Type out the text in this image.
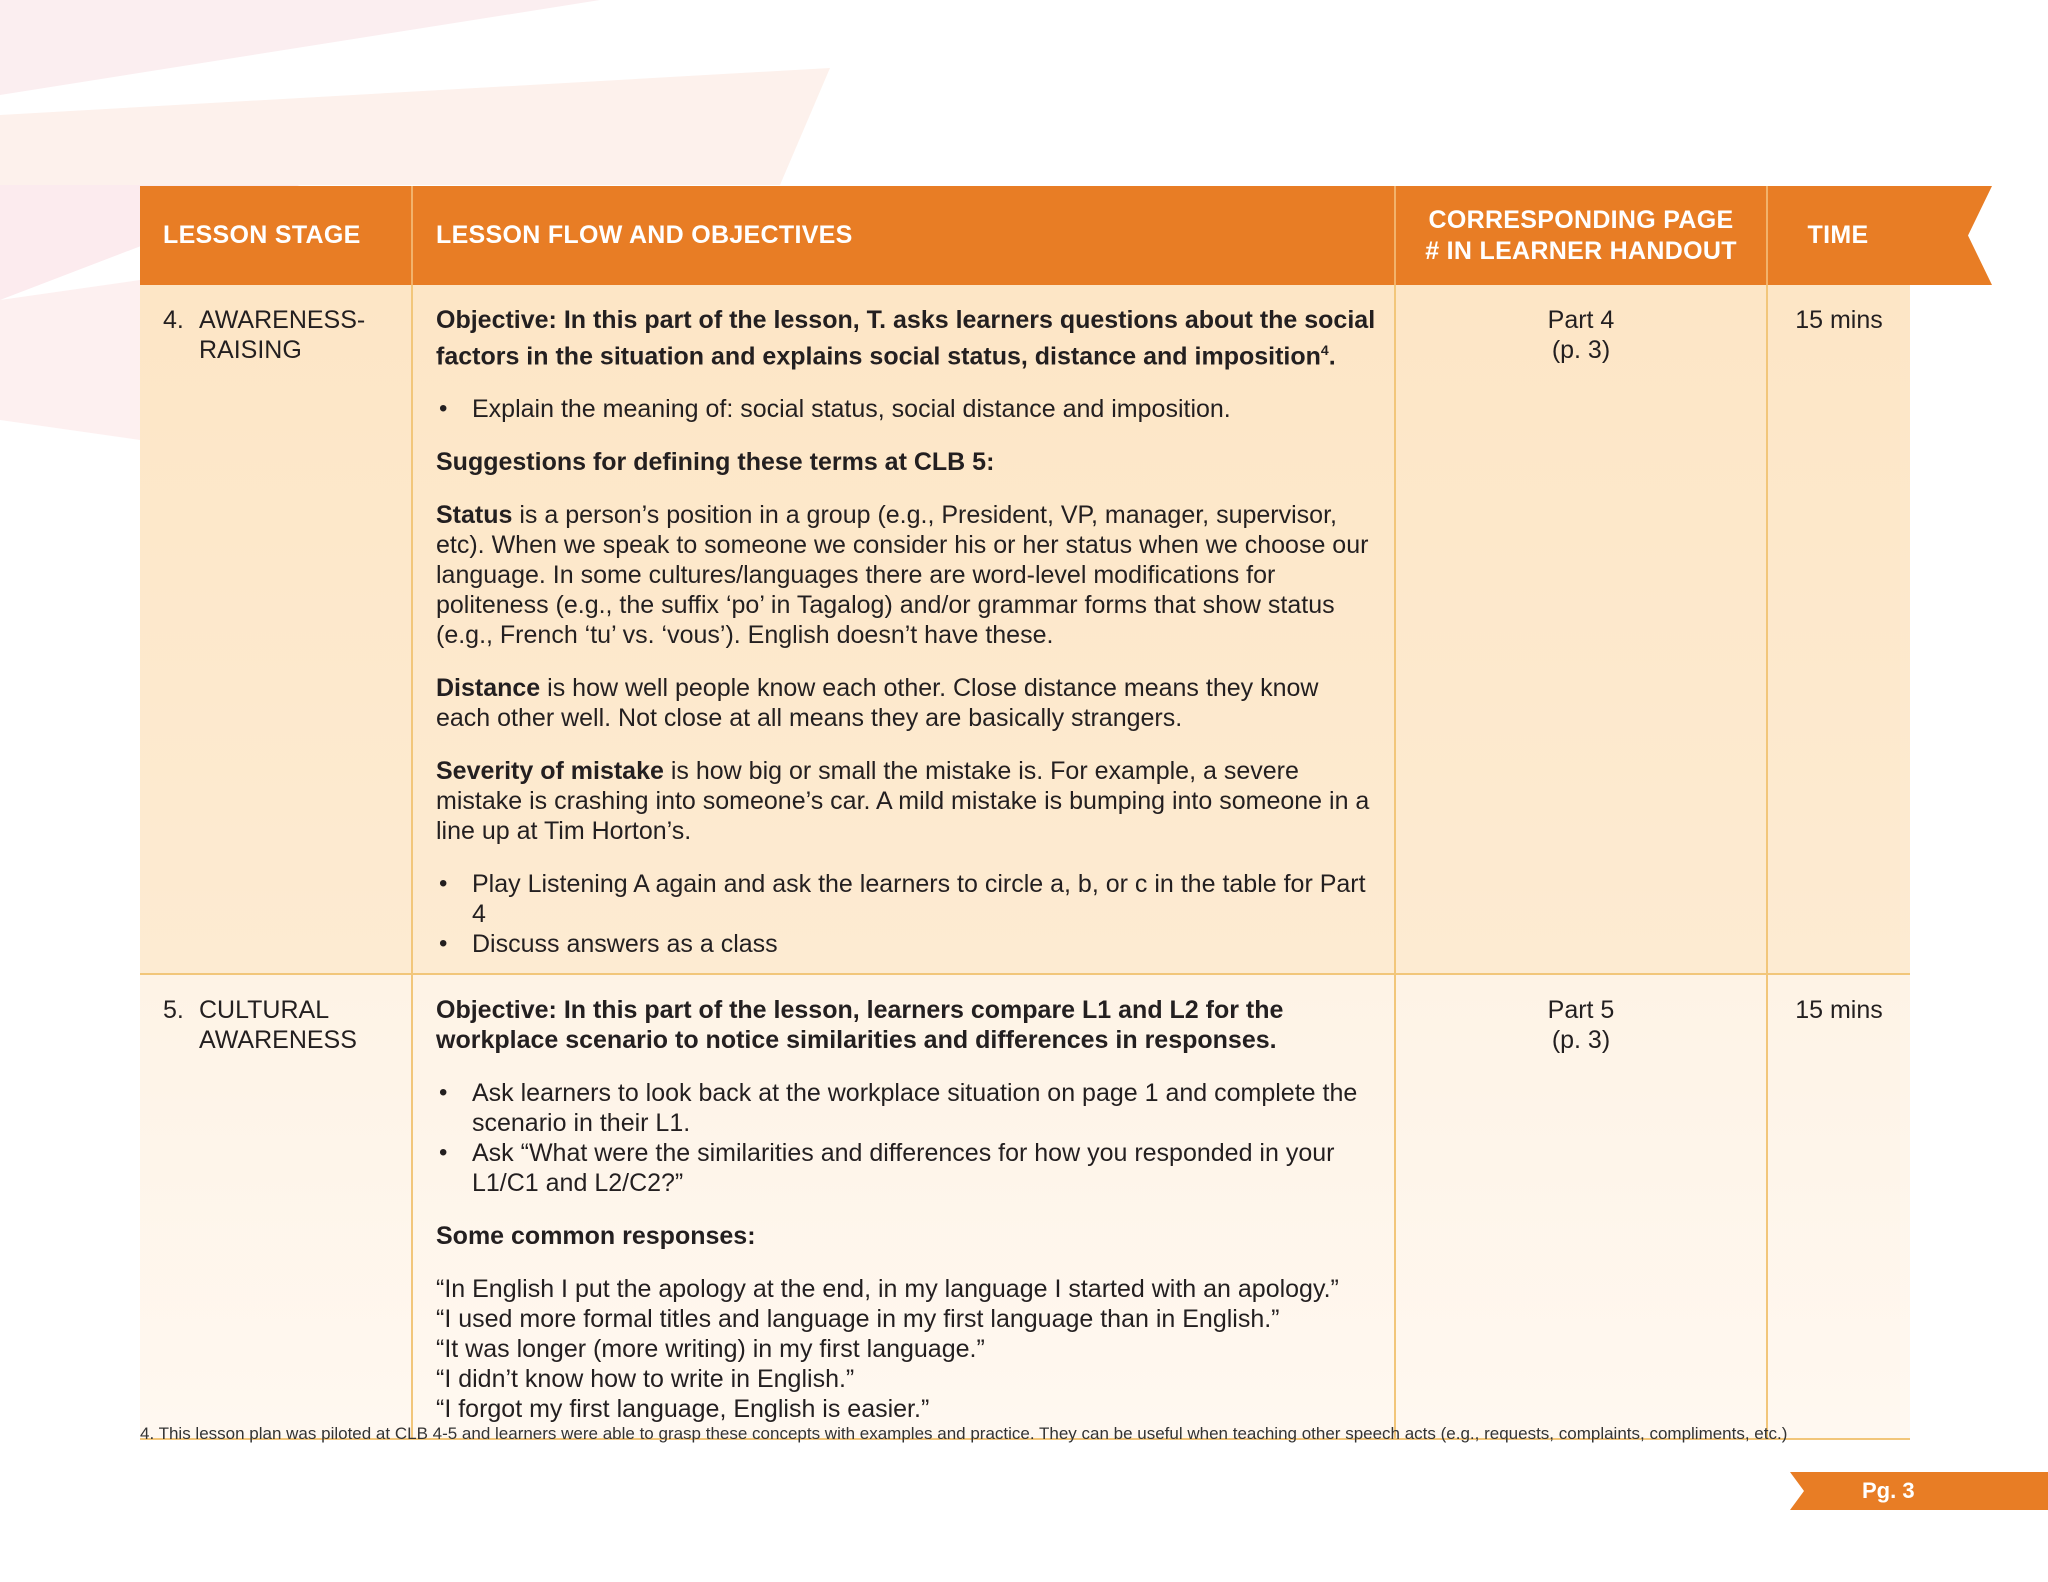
LESSON STAGE	LESSON FLOW AND OBJECTIVES
CORRESPONDING PAGE
# IN LEARNER HANDOUT
TIME
4. AWARENESS-
RAISING
Objective: In this part of the lesson, T. asks learners questions about the social factors in the situation and explains social status, distance and imposition$^4$.
• Explain the meaning of: social status, social distance and imposition.
Suggestions for defining these terms at CLB 5:

Status is a person’s position in a group (e.g., President, VP, manager, supervisor, etc). When we speak to someone we consider his or her status when we choose our language. In some cultures/languages there are word-level modifications for politeness (e.g., the suffix ‘po’ in Tagalog) and/or grammar forms that show status (e.g., French ‘tu’ vs. ‘vous’). English doesn’t have these.

Distance is how well people know each other. Close distance means they know each other well. Not close at all means they are basically strangers.

Severity of mistake is how big or small the mistake is. For example, a severe mistake is crashing into someone’s car. A mild mistake is bumping into someone in a line up at Tim Horton’s.

• Play Listening A again and ask the learners to circle a, b, or c in the table for Part 4
• Discuss answers as a class
Part 4
(p. 3)
15 mins
5. CULTURAL
AWARENESS
Objective: In this part of the lesson, learners compare L1 and L2 for the workplace scenario to notice similarities and differences in responses.
• Ask learners to look back at the workplace situation on page 1 and complete the scenario in their L1.
• Ask “What were the similarities and differences for how you responded in your L1/C1 and L2/C2?”
Some common responses:
“In English I put the apology at the end, in my language I started with an apology.”
“I used more formal titles and language in my first language than in English.”
“It was longer (more writing) in my first language.”
“I didn’t know how to write in English.”
“I forgot my first language, English is easier.”
Part 5
(p. 3)
15 mins
4. This lesson plan was piloted at CLB 4-5 and learners were able to grasp these concepts with examples and practice. They can be useful when teaching other speech acts (e.g., requests, complaints, compliments, etc.)
Pg. 3
